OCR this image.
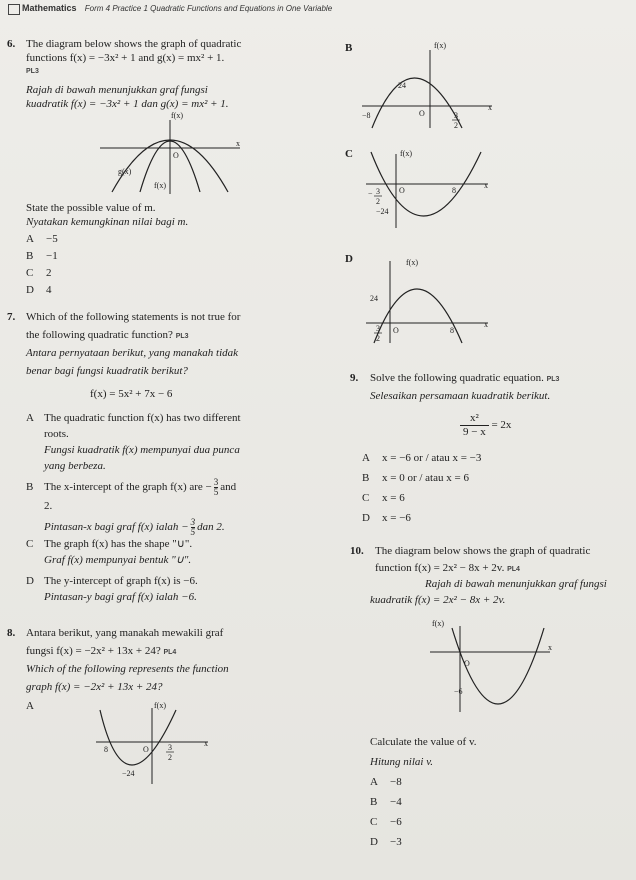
Mathematics Form 4 Practice 1 Quadratic Functions and Equations in One Variable
6. The diagram below shows the graph of quadratic
functions f(x) = −3x² + 1 and g(x) = mx² + 1.
PL3
Rajah di bawah menunjukkan graf fungsi
kuadratik f(x) = −3x² + 1 dan g(x) = mx² + 1.
f(x)
O
x
g(x)
f(x)
State the possible value of m.
Nyatakan kemungkinan nilai bagi m.
A −5
B −1
C 2
D 4
B	f(x)
24
−8	O	3
2
x
C	f(x)
− 3
2
O	8
−24
x
D	f(x)
24
3
2
O	8
x
7. Which of the following statements is not true for
the following quadratic function? PL3
Antara pernyataan berikut, yang manakah tidak
benar bagi fungsi kuadratik berikut?
f(x) = 5x² + 7x − 6
A The quadratic function f(x) has two different
roots.
Fungsi kuadratik f(x) mempunyai dua punca
yang berbeza.
B The x-intercept of the graph f(x) are − $\frac{3}{5}$ and
2.
Pintasan-x bagi graf f(x) ialah − $\frac{3}{5}$ dan 2.
C The graph f(x) has the shape "∪".
Graf f(x) mempunyai bentuk "∪".
D The y-intercept of graph f(x) is −6.
Pintasan-y bagi graf f(x) ialah −6.
8. Antara berikut, yang manakah mewakili graf
fungsi f(x) = −2x² + 13x + 24? PL4
Which of the following represents the function
graph f(x) = −2x² + 13x + 24?
A	f(x)
8	O 3
2
−24
x
9. Solve the following quadratic equation. PL3
Selesaikan persamaan kuadratik berikut.
$\frac{\text{x²}}{9 - x} = 2x$
A x = −6 or / atau x = −3
B x = 0 or / atau x = 6
C x = 6
D x = −6
10. The diagram below shows the graph of quadratic
function f(x) = 2x² − 8x + 2v. PL4
Rajah di bawah menunjukkan graf fungsi
kuadratik f(x) = 2x² − 8x + 2v.
f(x)
O
−6
x
Calculate the value of v.
Hitung nilai v.
A −8
B −4
C −6
D −3
